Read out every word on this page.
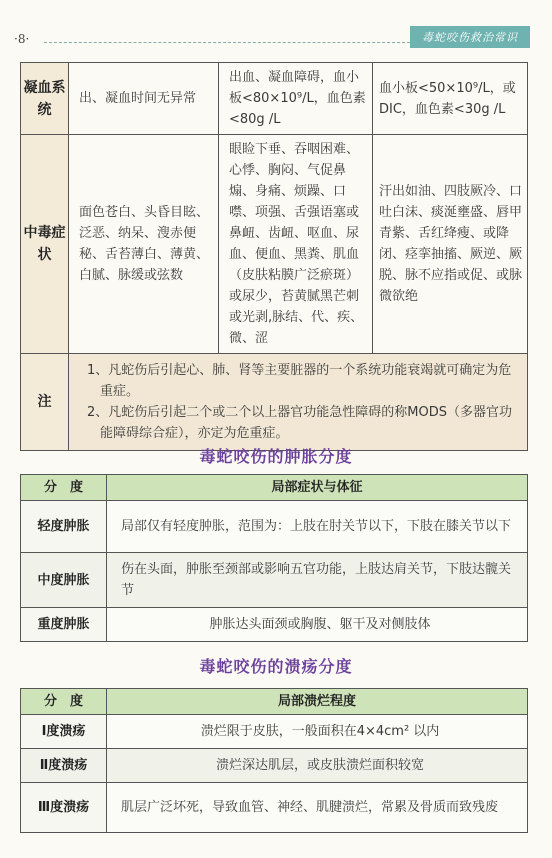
·8·	毒蛇咬伤救治常识
凝血系统	出、凝血时间无异常	出血、凝血障碍，血小板<80×10⁹/L，血色素<80g /L	血小板<50×10⁹/L，或DIC，血色素<30g /L
中毒症状	面色苍白、头昏目眩、泛恶、纳呆、溲赤便秘、舌苔薄白、薄黄、白腻、脉缓或弦数	眼睑下垂、吞咽困难、心悸、胸闷、气促鼻煽、身痛、烦躁、口噤、项强、舌强语塞或鼻衄、齿衄、呕血、尿血、便血、黑粪、肌血（皮肤粘膜广泛瘀斑）或尿少，苔黄腻黑芒刺或光剥,脉结、代、疾、微、涩	汗出如油、四肢厥冷、口吐白沫、痰涎壅盛、唇甲青紫、舌红绛瘦、或降闭、痉挛抽搐、厥逆、厥脱、脉不应指或促、或脉微欲绝
注	1、凡蛇伤后引起心、肺、肾等主要脏器的一个系统功能衰竭就可确定为危重症。
2、凡蛇伤后引起二个或二个以上器官功能急性障碍的称MODS（多器官功能障碍综合症），亦定为危重症。		
毒蛇咬伤的肿胀分度
分　度	局部症状与体征
轻度肿胀	局部仅有轻度肿胀，范围为：上肢在肘关节以下，下肢在膝关节以下
中度肿胀	伤在头面，肿胀至颈部或影响五官功能，上肢达肩关节，下肢达髋关节
重度肿胀	肿胀达头面颈或胸腹、躯干及对侧肢体
毒蛇咬伤的溃疡分度
分　度	局部溃烂程度
Ⅰ度溃疡	溃烂限于皮肤，一般面积在4×4cm² 以内
Ⅱ度溃疡	溃烂深达肌层，或皮肤溃烂面积较宽
Ⅲ度溃疡	肌层广泛坏死，导致血管、神经、肌腱溃烂，常累及骨质而致残废
